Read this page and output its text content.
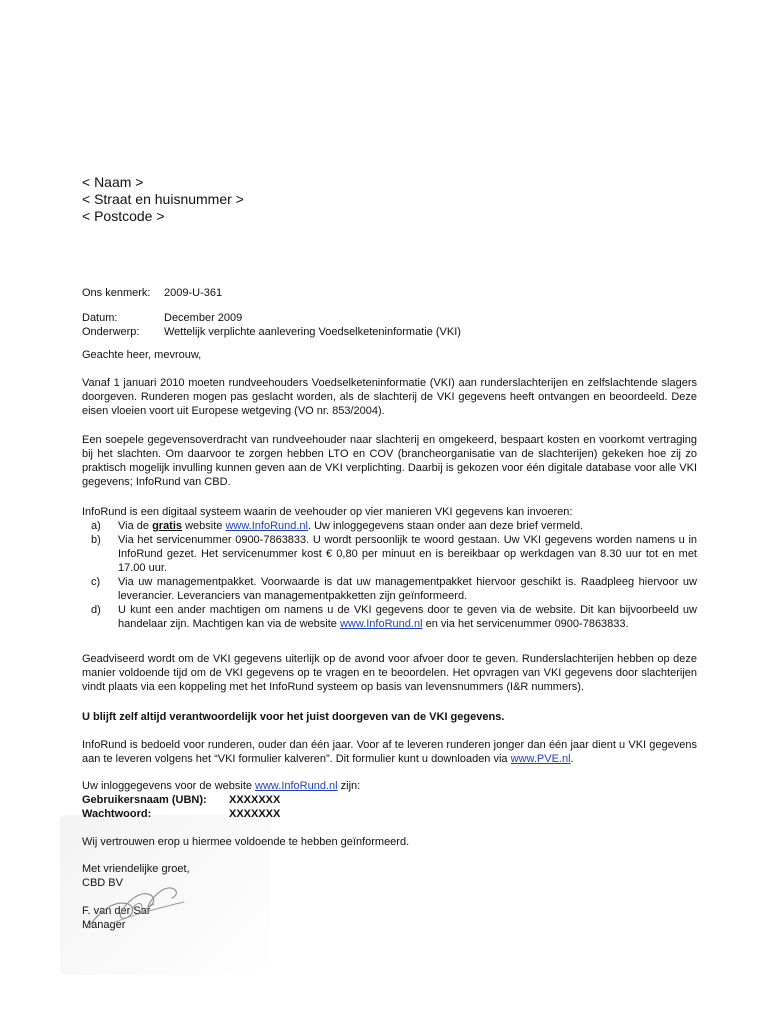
< Naam >
< Straat en huisnummer >
< Postcode >
Ons kenmerk: 2009-U-361
Datum:	December 2009
Onderwerp: Wettelijk verplichte aanlevering Voedselketeninformatie (VKI)
Geachte heer, mevrouw,
Vanaf 1 januari 2010 moeten rundveehouders Voedselketeninformatie (VKI) aan runderslachterijen en zelfslachtende slagers doorgeven. Runderen mogen pas geslacht worden, als de slachterij de VKI gegevens heeft ontvangen en beoordeeld. Deze eisen vloeien voort uit Europese wetgeving (VO nr. 853/2004).
Een soepele gegevensoverdracht van rundveehouder naar slachterij en omgekeerd, bespaart kosten en voorkomt vertraging bij het slachten. Om daarvoor te zorgen hebben LTO en COV (brancheorganisatie van de slachterijen) gekeken hoe zij zo praktisch mogelijk invulling kunnen geven aan de VKI verplichting. Daarbij is gekozen voor één digitale database voor alle VKI gegevens; InfoRund van CBD.
InfoRund is een digitaal systeem waarin de veehouder op vier manieren VKI gegevens kan invoeren:
a) Via de gratis website www.InfoRund.nl. Uw inloggegevens staan onder aan deze brief vermeld.
b) Via het servicenummer 0900-7863833. U wordt persoonlijk te woord gestaan. Uw VKI gegevens worden namens u in InfoRund gezet. Het servicenummer kost € 0,80 per minuut en is bereikbaar op werkdagen van 8.30 uur tot en met 17.00 uur.
c) Via uw managementpakket. Voorwaarde is dat uw managementpakket hiervoor geschikt is. Raadpleeg hiervoor uw leverancier. Leveranciers van managementpakketten zijn geïnformeerd.
d) U kunt een ander machtigen om namens u de VKI gegevens door te geven via de website. Dit kan bijvoorbeeld uw handelaar zijn. Machtigen kan via de website www.InfoRund.nl en via het servicenummer 0900-7863833.
Geadviseerd wordt om de VKI gegevens uiterlijk op de avond voor afvoer door te geven. Runderslachterijen hebben op deze manier voldoende tijd om de VKI gegevens op te vragen en te beoordelen. Het opvragen van VKI gegevens door slachterijen vindt plaats via een koppeling met het InfoRund systeem op basis van levensnummers (I&R nummers).
U blijft zelf altijd verantwoordelijk voor het juist doorgeven van de VKI gegevens.
InfoRund is bedoeld voor runderen, ouder dan één jaar. Voor af te leveren runderen jonger dan één jaar dient u VKI gegevens aan te leveren volgens het “VKI formulier kalveren”. Dit formulier kunt u downloaden via www.PVE.nl.
Uw inloggegevens voor de website www.InfoRund.nl zijn:
Gebruikersnaam (UBN): XXXXXXX
Wachtwoord:	XXXXXXX
Wij vertrouwen erop u hiermee voldoende te hebben geïnformeerd.
Met vriendelijke groet,
CBD BV
F. van der Sar
Manager
